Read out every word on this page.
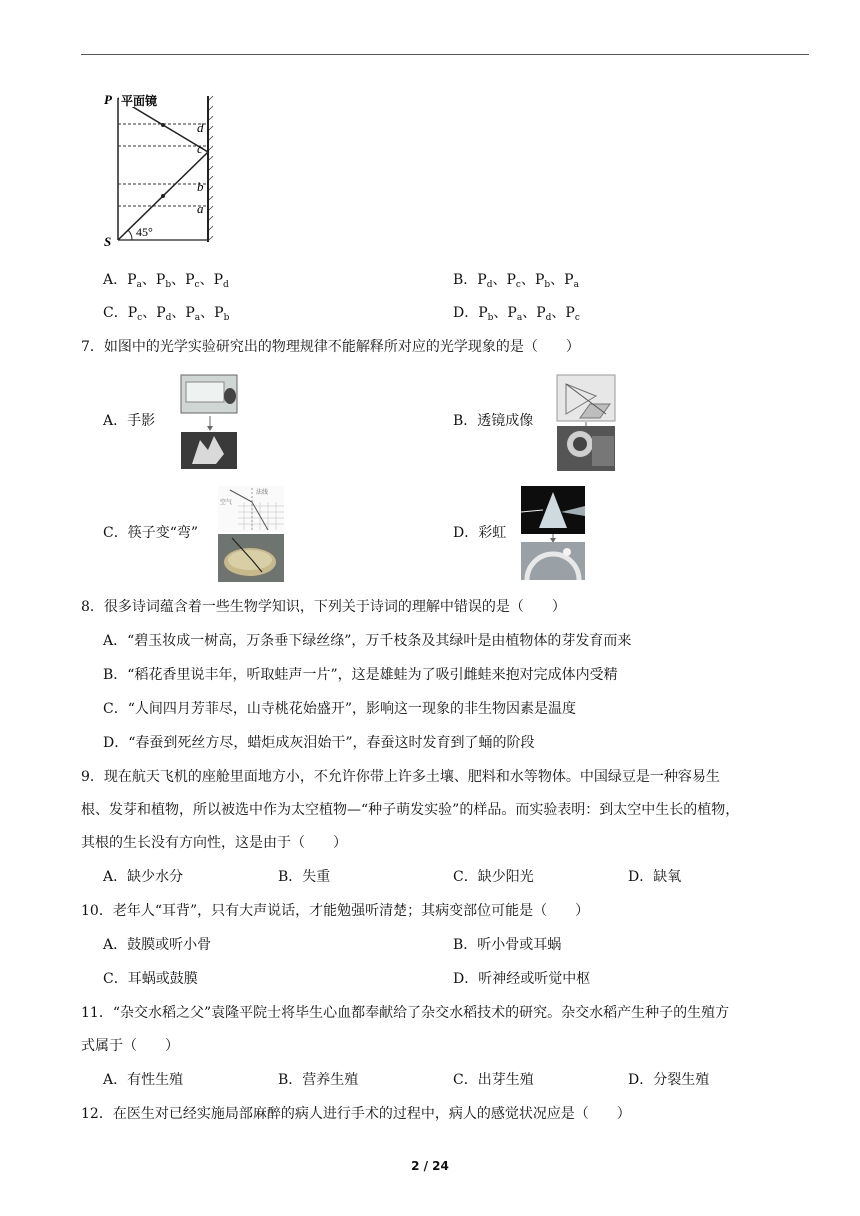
P 平面镜
d
c
b
a
S
45°
A．$P_a$、$P_b$、$P_c$、$P_d$	B．$P_d$、$P_c$、$P_b$、$P_a$
C．$P_c$、$P_d$、$P_a$、$P_b$	D．$P_b$、$P_a$、$P_d$、$P_c$
7．如图中的光学实验研究出的物理规律不能解释所对应的光学现象的是（　　）
A．手影	B．透镜成像
C．筷子变“弯”
空气
法线
D．彩虹
8．很多诗词蕴含着一些生物学知识，下列关于诗词的理解中错误的是（　　）
A．“碧玉妆成一树高，万条垂下绿丝绦”，万千枝条及其绿叶是由植物体的芽发育而来
B．“稻花香里说丰年，听取蛙声一片”，这是雄蛙为了吸引雌蛙来抱对完成体内受精
C．“人间四月芳菲尽，山寺桃花始盛开”，影响这一现象的非生物因素是温度
D．“春蚕到死丝方尽，蜡炬成灰泪始干”，春蚕这时发育到了蛹的阶段
9．现在航天飞机的座舱里面地方小，不允许你带上许多土壤、肥料和水等物体。中国绿豆是一种容易生
根、发芽和植物，所以被选中作为太空植物—“种子萌发实验”的样品。而实验表明：到太空中生长的植物，
其根的生长没有方向性，这是由于（　　）
A．缺少水分	B．失重	C．缺少阳光	D．缺氧
10．老年人“耳背”，只有大声说话，才能勉强听清楚；其病变部位可能是（　　）
A．鼓膜或听小骨	B．听小骨或耳蜗
C．耳蜗或鼓膜	D．听神经或听觉中枢
11．“杂交水稻之父”袁隆平院士将毕生心血都奉献给了杂交水稻技术的研究。杂交水稻产生种子的生殖方
式属于（　　）
A．有性生殖	B．营养生殖	C．出芽生殖	D．分裂生殖
12．在医生对已经实施局部麻醉的病人进行手术的过程中，病人的感觉状况应是（　　）
2 / 24
